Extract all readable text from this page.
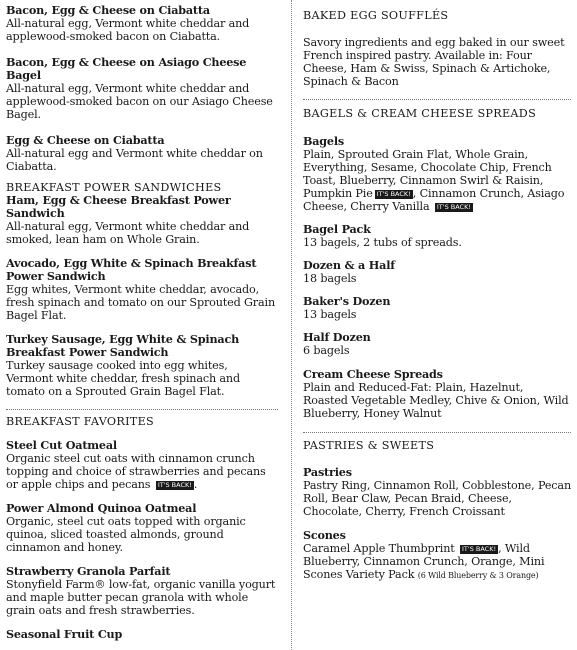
Bacon, Egg & Cheese on Ciabatta
All-natural egg, Vermont white cheddar and applewood-smoked bacon on Ciabatta.
Bacon, Egg & Cheese on Asiago Cheese Bagel
All-natural egg, Vermont white cheddar and applewood-smoked bacon on our Asiago Cheese Bagel.
Egg & Cheese on Ciabatta
All-natural egg and Vermont white cheddar on Ciabatta.
BREAKFAST POWER SANDWICHES
Ham, Egg & Cheese Breakfast Power Sandwich
All-natural egg, Vermont white cheddar and smoked, lean ham on Whole Grain.
Avocado, Egg White & Spinach Breakfast Power Sandwich
Egg whites, Vermont white cheddar, avocado, fresh spinach and tomato on our Sprouted Grain Bagel Flat.
Turkey Sausage, Egg White & Spinach Breakfast Power Sandwich
Turkey sausage cooked into egg whites, Vermont white cheddar, fresh spinach and tomato on a Sprouted Grain Bagel Flat.
BREAKFAST FAVORITES
Steel Cut Oatmeal
Organic steel cut oats with cinnamon crunch topping and choice of strawberries and pecans or apple chips and pecans IT'S BACK! .
Power Almond Quinoa Oatmeal
Organic, steel cut oats topped with organic quinoa, sliced toasted almonds, ground cinnamon and honey.
Strawberry Granola Parfait
Stonyfield Farm® low-fat, organic vanilla yogurt and maple butter pecan granola with whole grain oats and fresh strawberries.
Seasonal Fruit Cup
BAKED EGG SOUFFLÉS
Savory ingredients and egg baked in our sweet French inspired pastry. Available in: Four Cheese, Ham & Swiss, Spinach & Artichoke, Spinach & Bacon
BAGELS & CREAM CHEESE SPREADS
Bagels
Plain, Sprouted Grain Flat, Whole Grain, Everything, Sesame, Chocolate Chip, French Toast, Blueberry, Cinnamon Swirl & Raisin, Pumpkin Pie IT'S BACK! , Cinnamon Crunch, Asiago Cheese, Cherry Vanilla IT'S BACK!
Bagel Pack
13 bagels, 2 tubs of spreads.
Dozen & a Half
18 bagels
Baker's Dozen
13 bagels
Half Dozen
6 bagels
Cream Cheese Spreads
Plain and Reduced-Fat: Plain, Hazelnut, Roasted Vegetable Medley, Chive & Onion, Wild Blueberry, Honey Walnut
PASTRIES & SWEETS
Pastries
Pastry Ring, Cinnamon Roll, Cobblestone, Pecan Roll, Bear Claw, Pecan Braid, Cheese, Chocolate, Cherry, French Croissant
Scones
Caramel Apple Thumbprint IT'S BACK! , Wild Blueberry, Cinnamon Crunch, Orange, Mini Scones Variety Pack (6 Wild Blueberry & 3 Orange)
